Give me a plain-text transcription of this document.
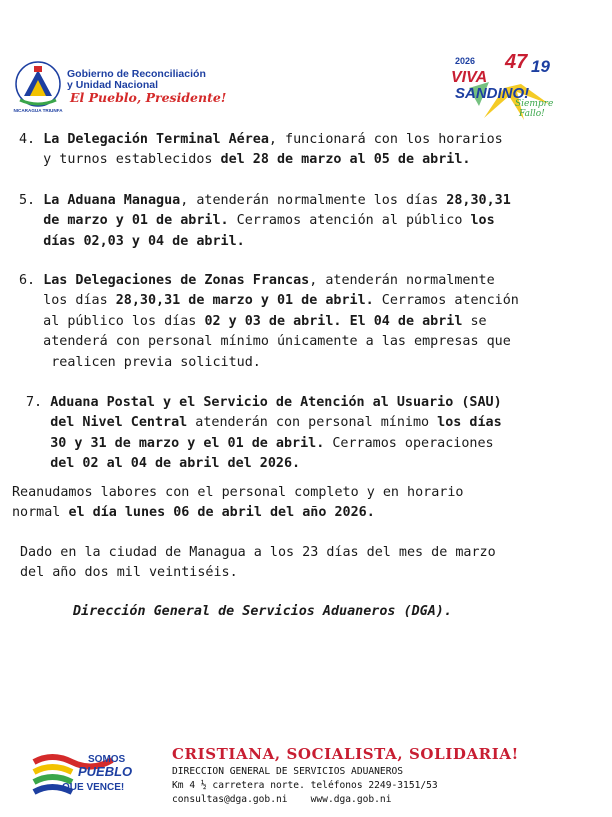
​
NICARAGUA TRIUNFA
Gobierno de Reconciliación
y Unidad Nacional
El Pueblo, Presidente!
2026 47 19
VIVA
SANDINO!
Siempre
Fallo!
4. La Delegación Terminal Aérea, funcionará con los horarios
y turnos establecidos del 28 de marzo al 05 de abril.
5. La Aduana Managua, atenderán normalmente los días 28,30,31
de marzo y 01 de abril. Cerramos atención al público los
días 02,03 y 04 de abril.
6. Las Delegaciones de Zonas Francas, atenderán normalmente
los días 28,30,31 de marzo y 01 de abril. Cerramos atención
al público los días 02 y 03 de abril. El 04 de abril se
atenderá con personal mínimo únicamente a las empresas que
realicen previa solicitud.
7. Aduana Postal y el Servicio de Atención al Usuario (SAU)
del Nivel Central atenderán con personal mínimo los días
30 y 31 de marzo y el 01 de abril. Cerramos operaciones
del 02 al 04 de abril del 2026.
Reanudamos labores con el personal completo y en horario
normal el día lunes 06 de abril del año 2026.
Dado en la ciudad de Managua a los 23 días del mes de marzo
del año dos mil veintiséis.
Dirección General de Servicios Aduaneros (DGA).
SOMOS
PUEBLO
QUE VENCE!
CRISTIANA, SOCIALISTA, SOLIDARIA!
DIRECCION GENERAL DE SERVICIOS ADUANEROS
Km 4 ½ carretera norte. teléfonos 2249-3151/53
consultas@dga.gob.ni    www.dga.gob.ni
